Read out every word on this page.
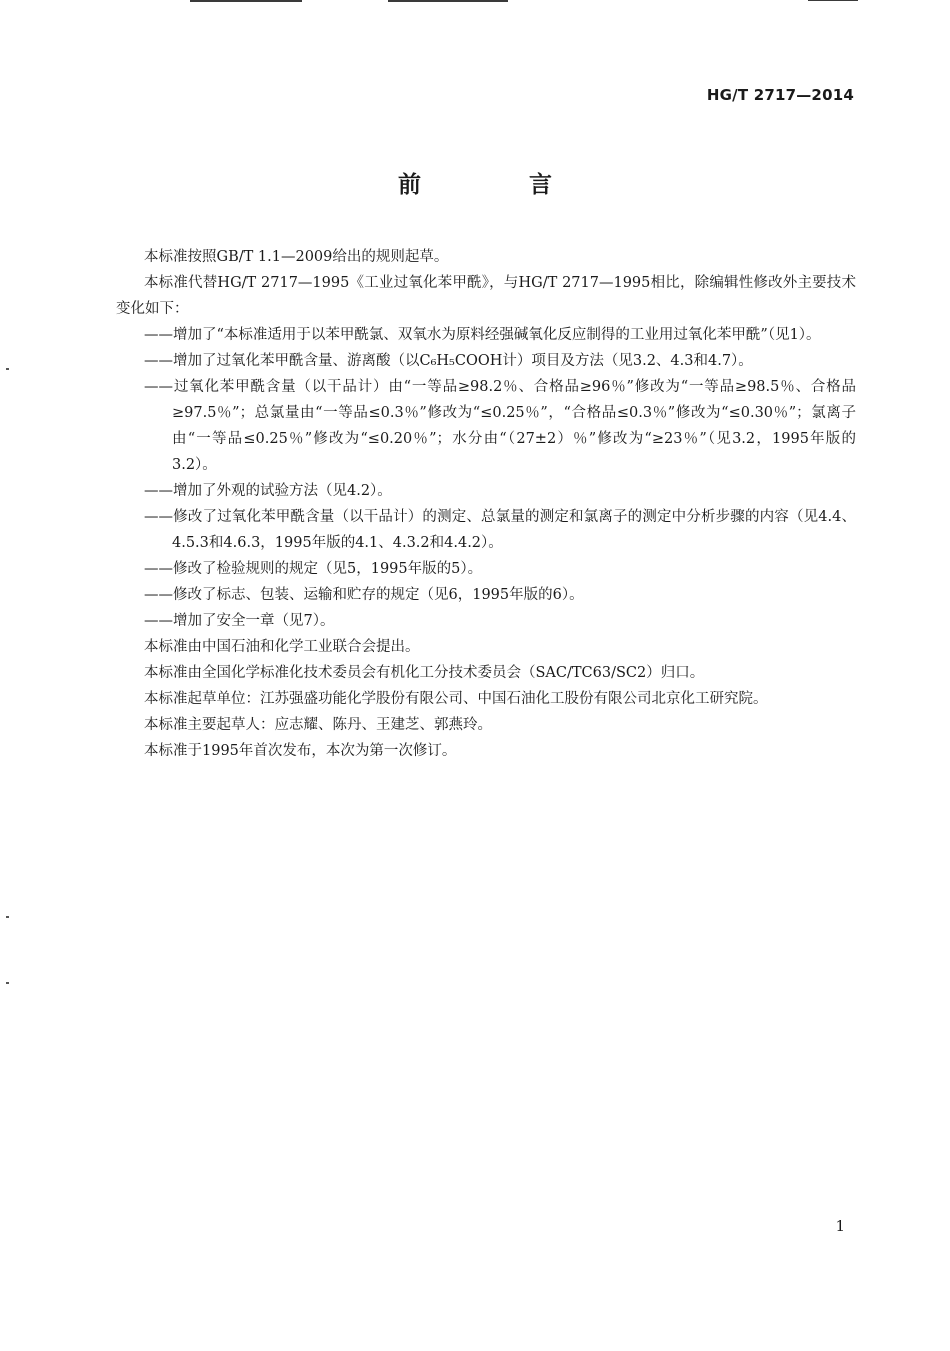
HG/T 2717—2014
前 言

本标准按照GB/T 1.1—2009给出的规则起草。

本标准代替HG/T 2717—1995《工业过氧化苯甲酰》，与HG/T 2717—1995相比，除编辑性修改外主要技术变化如下：

——增加了“本标准适用于以苯甲酰氯、双氧水为原料经强碱氧化反应制得的工业用过氧化苯甲酰”（见1）。

——增加了过氧化苯甲酰含量、游离酸（以C₆H₅COOH计）项目及方法（见3.2、4.3和4.7）。

——过氧化苯甲酰含量（以干品计）由“一等品≥98.2％、合格品≥96％”修改为“一等品≥98.5％、合格品≥97.5％”；总氯量由“一等品≤0.3％”修改为“≤0.25％”，“合格品≤0.3％”修改为“≤0.30％”；氯离子由“一等品≤0.25％”修改为“≤0.20％”；水分由“（27±2）％”修改为“≥23％”（见3.2，1995年版的3.2）。

——增加了外观的试验方法（见4.2）。

——修改了过氧化苯甲酰含量（以干品计）的测定、总氯量的测定和氯离子的测定中分析步骤的内容（见4.4、4.5.3和4.6.3，1995年版的4.1、4.3.2和4.4.2）。

——修改了检验规则的规定（见5，1995年版的5）。

——修改了标志、包装、运输和贮存的规定（见6，1995年版的6）。

——增加了安全一章（见7）。

本标准由中国石油和化学工业联合会提出。

本标准由全国化学标准化技术委员会有机化工分技术委员会（SAC/TC63/SC2）归口。

本标准起草单位：江苏强盛功能化学股份有限公司、中国石油化工股份有限公司北京化工研究院。

本标准主要起草人：应志耀、陈丹、王建芝、郭燕玲。

本标准于1995年首次发布，本次为第一次修订。

1
